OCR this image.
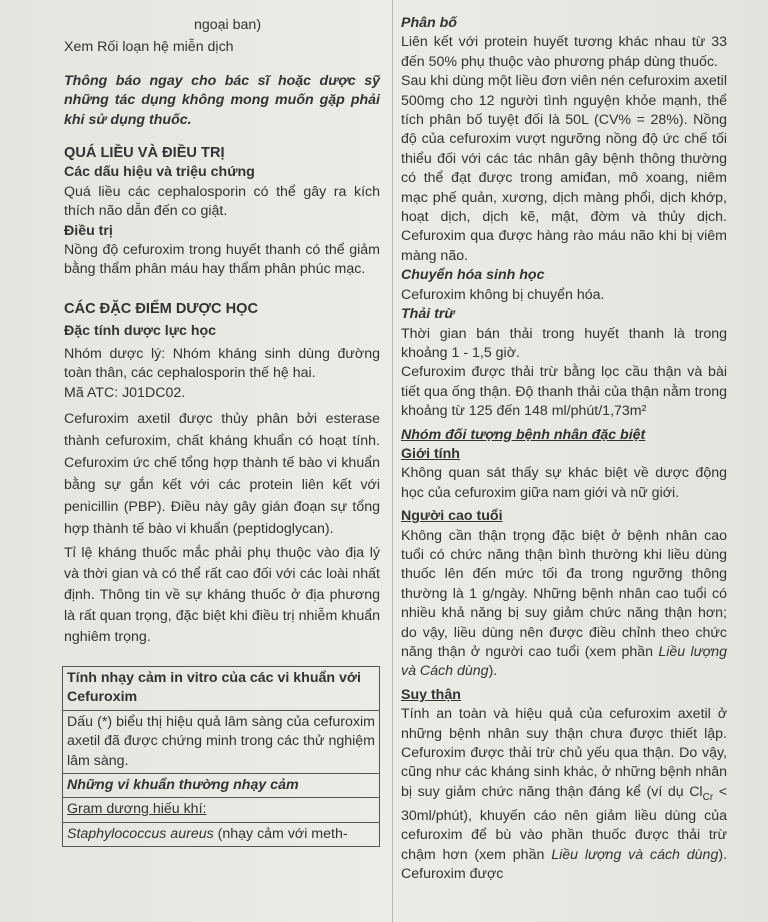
ngoại ban)

Xem Rối loạn hệ miễn dịch

Thông báo ngay cho bác sĩ hoặc dược sỹ những tác dụng không mong muốn gặp phải khi sử dụng thuốc.

QUÁ LIỀU VÀ ĐIỀU TRỊ

Các dấu hiệu và triệu chứng

Quá liều các cephalosporin có thể gây ra kích thích não dẫn đến co giật.

Điều trị

Nồng độ cefuroxim trong huyết thanh có thể giảm bằng thẩm phân máu hay thẩm phân phúc mạc.

CÁC ĐẶC ĐIỂM DƯỢC HỌC

Đặc tính dược lực học

Nhóm dược lý: Nhóm kháng sinh dùng đường toàn thân, các cephalosporin thế hệ hai.

Mã ATC: J01DC02.

Cefuroxim axetil được thủy phân bởi esterase thành cefuroxim, chất kháng khuẩn có hoạt tính. Cefuroxim ức chế tổng hợp thành tế bào vi khuẩn bằng sự gắn kết với các protein liên kết với penicillin (PBP). Điều này gây gián đoạn sự tổng hợp thành tế bào vi khuẩn (peptidoglycan).

Tỉ lệ kháng thuốc mắc phải phụ thuộc vào địa lý và thời gian và có thể rất cao đối với các loài nhất định. Thông tin về sự kháng thuốc ở địa phương là rất quan trọng, đặc biệt khi điều trị nhiễm khuẩn nghiêm trọng.

Tính nhạy cảm in vitro của các vi khuẩn với Cefuroxim
Dấu (*) biểu thị hiệu quả lâm sàng của cefuroxim axetil đã được chứng minh trong các thử nghiệm lâm sàng.
Những vi khuẩn thường nhạy cảm
Gram dương hiếu khí:
Staphylococcus aureus (nhạy cảm với meth-

Phân bố

Liên kết với protein huyết tương khác nhau từ 33 đến 50% phụ thuộc vào phương pháp dùng thuốc.

Sau khi dùng một liều đơn viên nén cefuroxim axetil 500mg cho 12 người tình nguyện khỏe mạnh, thể tích phân bố tuyệt đối là 50L (CV% = 28%). Nồng độ của cefuroxim vượt ngưỡng nồng độ ức chế tối thiểu đối với các tác nhân gây bệnh thông thường có thể đạt được trong amiđan, mô xoang, niêm mạc phế quản, xương, dịch màng phổi, dịch khớp, hoạt dịch, dịch kẽ, mật, đờm và thủy dịch. Cefuroxim qua được hàng rào máu não khi bị viêm màng não.

Chuyển hóa sinh học

Cefuroxim không bị chuyển hóa.

Thải trừ

Thời gian bán thải trong huyết thanh là trong khoảng 1 - 1,5 giờ.

Cefuroxim được thải trừ bằng lọc cầu thận và bài tiết qua ống thận. Độ thanh thải của thận nằm trong khoảng từ 125 đến 148 ml/phút/1,73m²

Nhóm đối tượng bệnh nhân đặc biệt

Giới tính

Không quan sát thấy sự khác biệt về dược động học của cefuroxim giữa nam giới và nữ giới.

Người cao tuổi

Không cần thận trọng đặc biệt ở bệnh nhân cao tuổi có chức năng thận bình thường khi liều dùng thuốc lên đến mức tối đa trong ngưỡng thông thường là 1 g/ngày. Những bệnh nhân cao tuổi có nhiều khả năng bị suy giảm chức năng thận hơn; do vậy, liều dùng nên được điều chỉnh theo chức năng thận ở người cao tuổi (xem phần Liều lượng và Cách dùng).

Suy thận

Tính an toàn và hiệu quả của cefuroxim axetil ở những bệnh nhân suy thận chưa được thiết lập. Cefuroxim được thải trừ chủ yếu qua thận. Do vậy, cũng như các kháng sinh khác, ở những bệnh nhân bị suy giảm chức năng thận đáng kể (ví dụ $Cl_{Cr}$ < 30ml/phút), khuyến cáo nên giảm liều dùng của cefuroxim để bù vào phần thuốc được thải trừ chậm hơn (xem phần Liều lượng và cách dùng). Cefuroxim được
